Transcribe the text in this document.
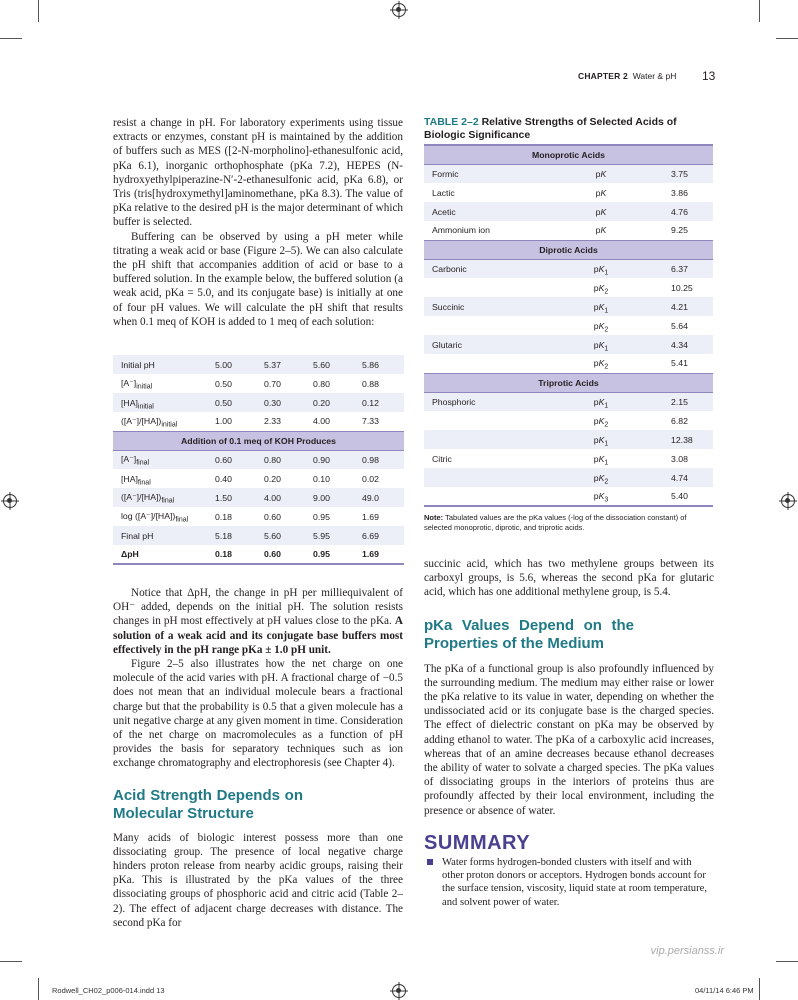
CHAPTER 2 Water & pH 13

resist a change in pH. For laboratory experiments using tissue extracts or enzymes, constant pH is maintained by the addition of buffers such as MES ([2-N-morpholino]-ethanesulfonic acid, pKa 6.1), inorganic orthophosphate (pKa 7.2), HEPES (N-hydroxyethylpiperazine-N′-2-ethanesulfonic acid, pKa 6.8), or Tris (tris[hydroxymethyl]aminomethane, pKa 8.3). The value of pKa relative to the desired pH is the major determinant of which buffer is selected.

Buffering can be observed by using a pH meter while titrating a weak acid or base (Figure 2–5). We can also calculate the pH shift that accompanies addition of acid or base to a buffered solution. In the example below, the buffered solution (a weak acid, pKa = 5.0, and its conjugate base) is initially at one of four pH values. We will calculate the pH shift that results when 0.1 meq of KOH is added to 1 meq of each solution:

Initial pH	5.00	5.37	5.60	5.86
$[A^-]_{initial}$	0.50	0.70	0.80	0.88
$[HA]_{initial}$	0.50	0.30	0.20	0.12
$([A^-]/[HA])_{initial}$	1.00	2.33	4.00	7.33
Addition of 0.1 meq of KOH Produces				
$[A^-]_{final}$	0.60	0.80	0.90	0.98
$[HA]_{final}$	0.40	0.20	0.10	0.02
$([A^-]/[HA])_{final}$	1.50	4.00	9.00	49.0
$\log ([A^-]/[HA])_{final}$	0.18	0.60	0.95	1.69
Final pH	5.18	5.60	5.95	6.69
ΔpH	0.18	0.60	0.95	1.69

Notice that ΔpH, the change in pH per milliequivalent of OH⁻ added, depends on the initial pH. The solution resists changes in pH most effectively at pH values close to the pKa. A solution of a weak acid and its conjugate base buffers most effectively in the pH range pKa ± 1.0 pH unit.

Figure 2–5 also illustrates how the net charge on one molecule of the acid varies with pH. A fractional charge of −0.5 does not mean that an individual molecule bears a fractional charge but that the probability is 0.5 that a given molecule has a unit negative charge at any given moment in time. Consideration of the net charge on macromolecules as a function of pH provides the basis for separatory techniques such as ion exchange chromatography and electrophoresis (see Chapter 4).

Acid Strength Depends on Molecular Structure

Many acids of biologic interest possess more than one dissociating group. The presence of local negative charge hinders proton release from nearby acidic groups, raising their pKa. This is illustrated by the pKa values of the three dissociating groups of phosphoric acid and citric acid (Table 2–2). The effect of adjacent charge decreases with distance. The second pKa for

TABLE 2–2 Relative Strengths of Selected Acids of Biologic Significance
Monoprotic Acids		
Formic	pK	3.75
Lactic	pK	3.86
Acetic	pK	4.76
Ammonium ion	pK	9.25
Diprotic Acids		
Carbonic	$pK_1$	6.37
	$pK_2$	10.25
Succinic	$pK_1$	4.21
	$pK_2$	5.64
Glutaric	$pK_1$	4.34
	$pK_2$	5.41
Triprotic Acids		
Phosphoric	$pK_1$	2.15
	$pK_2$	6.82
	$pK_1$	12.38
Citric	$pK_1$	3.08
	$pK_2$	4.74
	$pK_3$	5.40
Note: Tabulated values are the pKa values (-log of the dissociation constant) of selected monoprotic, diprotic, and triprotic acids.

succinic acid, which has two methylene groups between its carboxyl groups, is 5.6, whereas the second pKa for glutaric acid, which has one additional methylene group, is 5.4.

pKa Values Depend on the Properties of the Medium

The pKa of a functional group is also profoundly influenced by the surrounding medium. The medium may either raise or lower the pKa relative to its value in water, depending on whether the undissociated acid or its conjugate base is the charged species. The effect of dielectric constant on pKa may be observed by adding ethanol to water. The pKa of a carboxylic acid increases, whereas that of an amine decreases because ethanol decreases the ability of water to solvate a charged species. The pKa values of dissociating groups in the interiors of proteins thus are profoundly affected by their local environment, including the presence or absence of water.

SUMMARY
Water forms hydrogen-bonded clusters with itself and with other proton donors or acceptors. Hydrogen bonds account for the surface tension, viscosity, liquid state at room temperature, and solvent power of water.
vip.persianss.ir
Rodwell_CH02_p006-014.indd 13	04/11/14 6:46 PM
